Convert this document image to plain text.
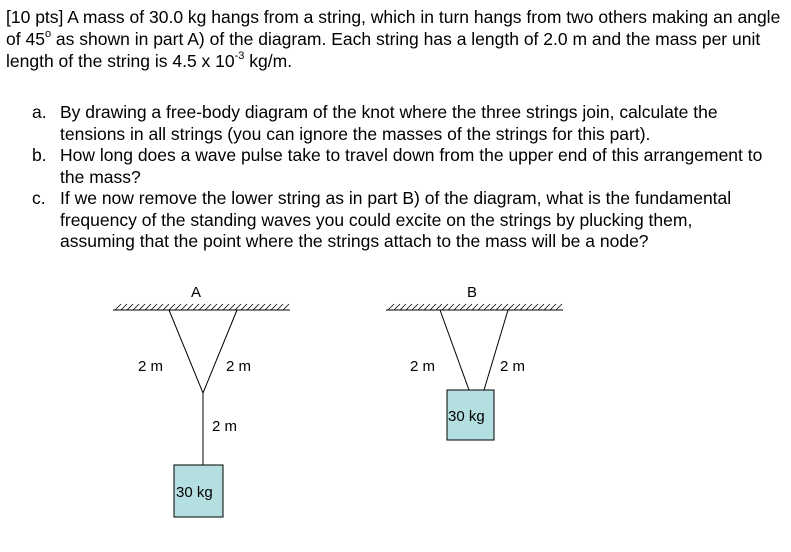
[10 pts] A mass of 30.0 kg hangs from a string, which in turn hangs from two others making an angle of 45$^o$ as shown in part A) of the diagram. Each string has a length of 2.0 m and the mass per unit length of the string is 4.5 x $10^{-3}$ kg/m.

a. By drawing a free-body diagram of the knot where the three strings join, calculate the tensions in all strings (you can ignore the masses of the strings for this part).
b. How long does a wave pulse take to travel down from the upper end of this arrangement to the mass?
c. If we now remove the lower string as in part B) of the diagram, what is the fundamental frequency of the standing waves you could excite on the strings by plucking them, assuming that the point where the strings attach to the mass will be a node?
A
2 m	2 m
2 m
30 kg
B
2 m	2 m
30 kg
